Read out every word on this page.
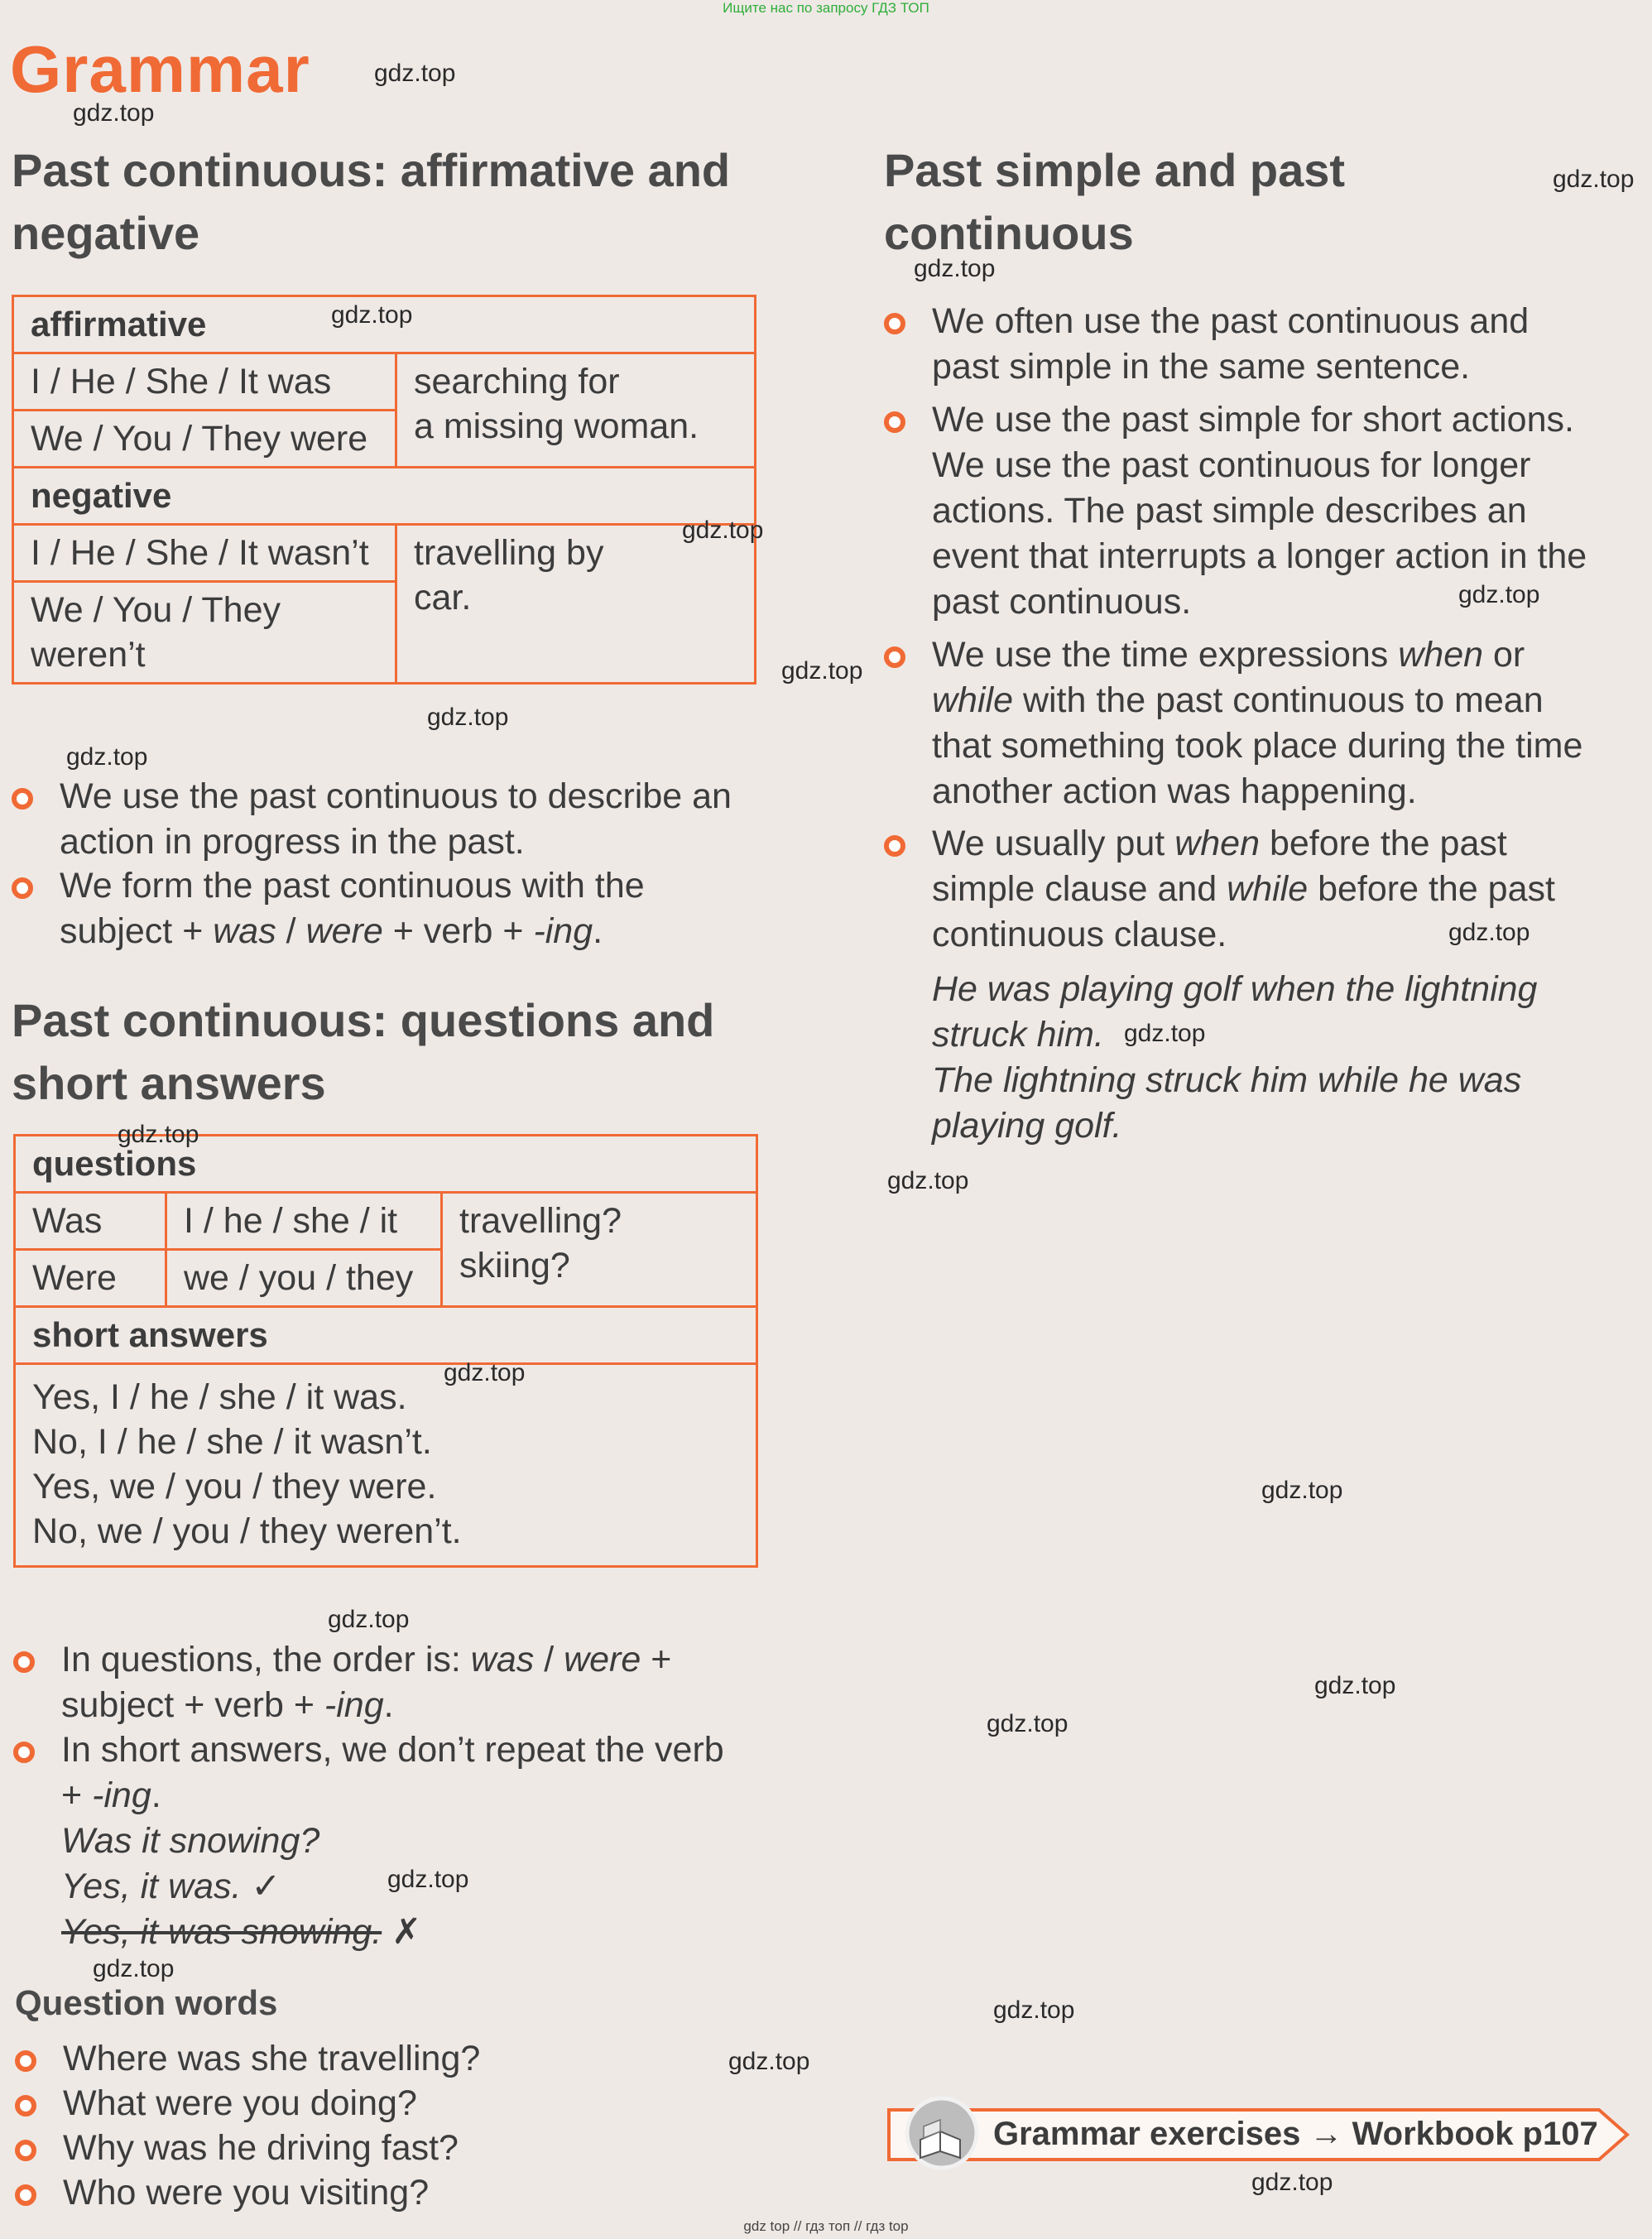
Ищите нас по запросу ГДЗ ТОП
gdz top // гдз топ // гдз top
Grammar
Past continuous: affirmative and
negative
affirmative	
I / He / She / It was	searching for
a missing woman.

We / You / They were	
negative	
I / He / She / It wasn’t	travelling by
car.

We / You / They
weren’t	
We use the past continuous to describe an
action in progress in the past.
We form the past continuous with the
subject + was / were + verb + -ing.
Past continuous: questions and
short answers
questions		
Was	I / he / she / it	travelling?
skiing?

Were	we / you / they	
short answers		

Yes, I / he / she / it was.
No, I / he / she / it wasn’t.
Yes, we / you / they were.
No, we / you / they weren’t.		
In questions, the order is: was / were +
subject + verb + -ing.
In short answers, we don’t repeat the verb
+ -ing.
Was it snowing?
Yes, it was. ✓
Yes, it was snowing. ✗
Question words
Where was she travelling?
What were you doing?
Why was he driving fast?
Who were you visiting?
Past simple and past
continuous
We often use the past continuous and
past simple in the same sentence.
We use the past simple for short actions.
We use the past continuous for longer
actions. The past simple describes an
event that interrupts a longer action in the
past continuous.
We use the time expressions when or
while with the past continuous to mean
that something took place during the time
another action was happening.
We usually put when before the past
simple clause and while before the past
continuous clause.
He was playing golf when the lightning
struck him.
The lightning struck him while he was
playing golf.
Grammar exercises → Workbook p107
gdz.top
gdz.top
gdz.top
gdz.top
gdz.top
gdz.top
gdz.top
gdz.top
gdz.top
gdz.top
gdz.top
gdz.top
gdz.top
gdz.top
gdz.top
gdz.top
gdz.top
gdz.top
gdz.top
gdz.top
gdz.top
gdz.top
gdz.top
gdz.top
